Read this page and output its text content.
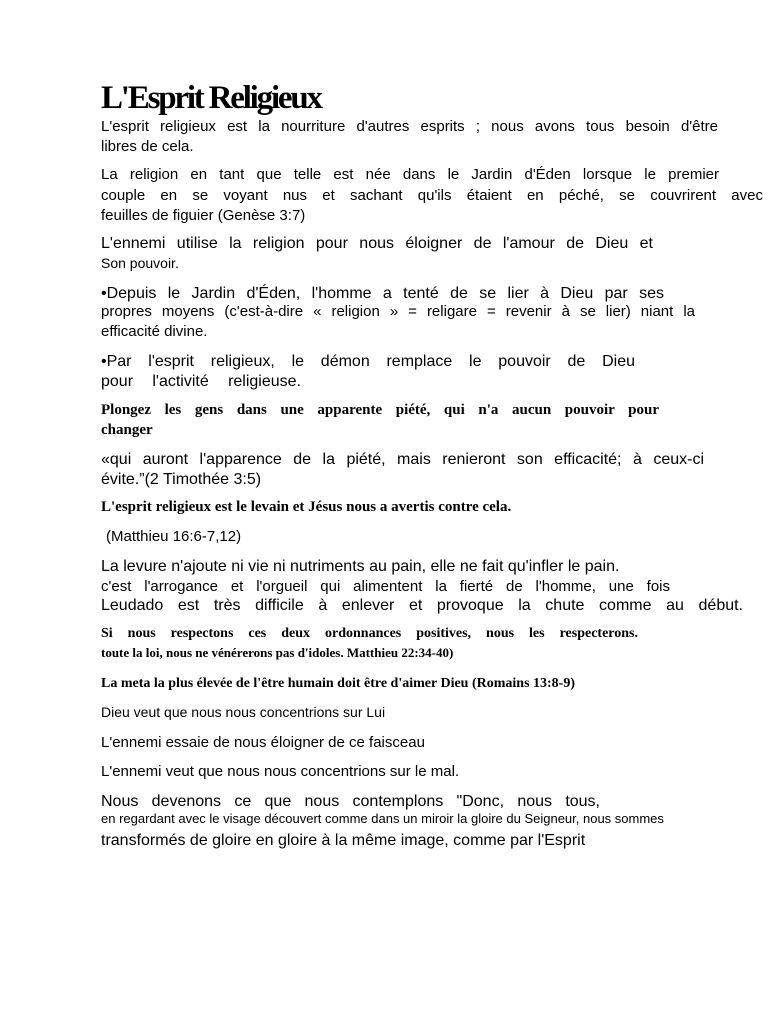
L'Esprit Religieux

L'esprit religieux est la nourriture d'autres esprits ; nous avons tous besoin d'être

libres de cela.

La religion en tant que telle est née dans le Jardin d'Éden lorsque le premier

couple en se voyant nus et sachant qu'ils étaient en péché, se couvrirent avec

feuilles de figuier (Genèse 3:7)

L'ennemi utilise la religion pour nous éloigner de l'amour de Dieu et

Son pouvoir.

•Depuis le Jardin d'Éden, l'homme a tenté de se lier à Dieu par ses

propres moyens (c'est-à-dire « religion » = religare = revenir à se lier) niant la

efficacité divine.

•Par l'esprit religieux, le démon remplace le pouvoir de Dieu

pour l'activité religieuse.

Plongez les gens dans une apparente piété, qui n'a aucun pouvoir pour

changer

«qui auront l'apparence de la piété, mais renieront son efficacité; à ceux-ci

évite.”(2 Timothée 3:5)

L'esprit religieux est le levain et Jésus nous a avertis contre cela.

(Matthieu 16:6-7,12)

La levure n'ajoute ni vie ni nutriments au pain, elle ne fait qu'infler le pain.

c'est l'arrogance et l'orgueil qui alimentent la fierté de l'homme, une fois

Leudado est très difficile à enlever et provoque la chute comme au début.

Si nous respectons ces deux ordonnances positives, nous les respecterons.

toute la loi, nous ne vénérerons pas d'idoles. Matthieu 22:34-40)

La meta la plus élevée de l'être humain doit être d'aimer Dieu (Romains 13:8-9)

Dieu veut que nous nous concentrions sur Lui

L'ennemi essaie de nous éloigner de ce faisceau

L'ennemi veut que nous nous concentrions sur le mal.

Nous devenons ce que nous contemplons "Donc, nous tous,

en regardant avec le visage découvert comme dans un miroir la gloire du Seigneur, nous sommes

transformés de gloire en gloire à la même image, comme par l'Esprit
